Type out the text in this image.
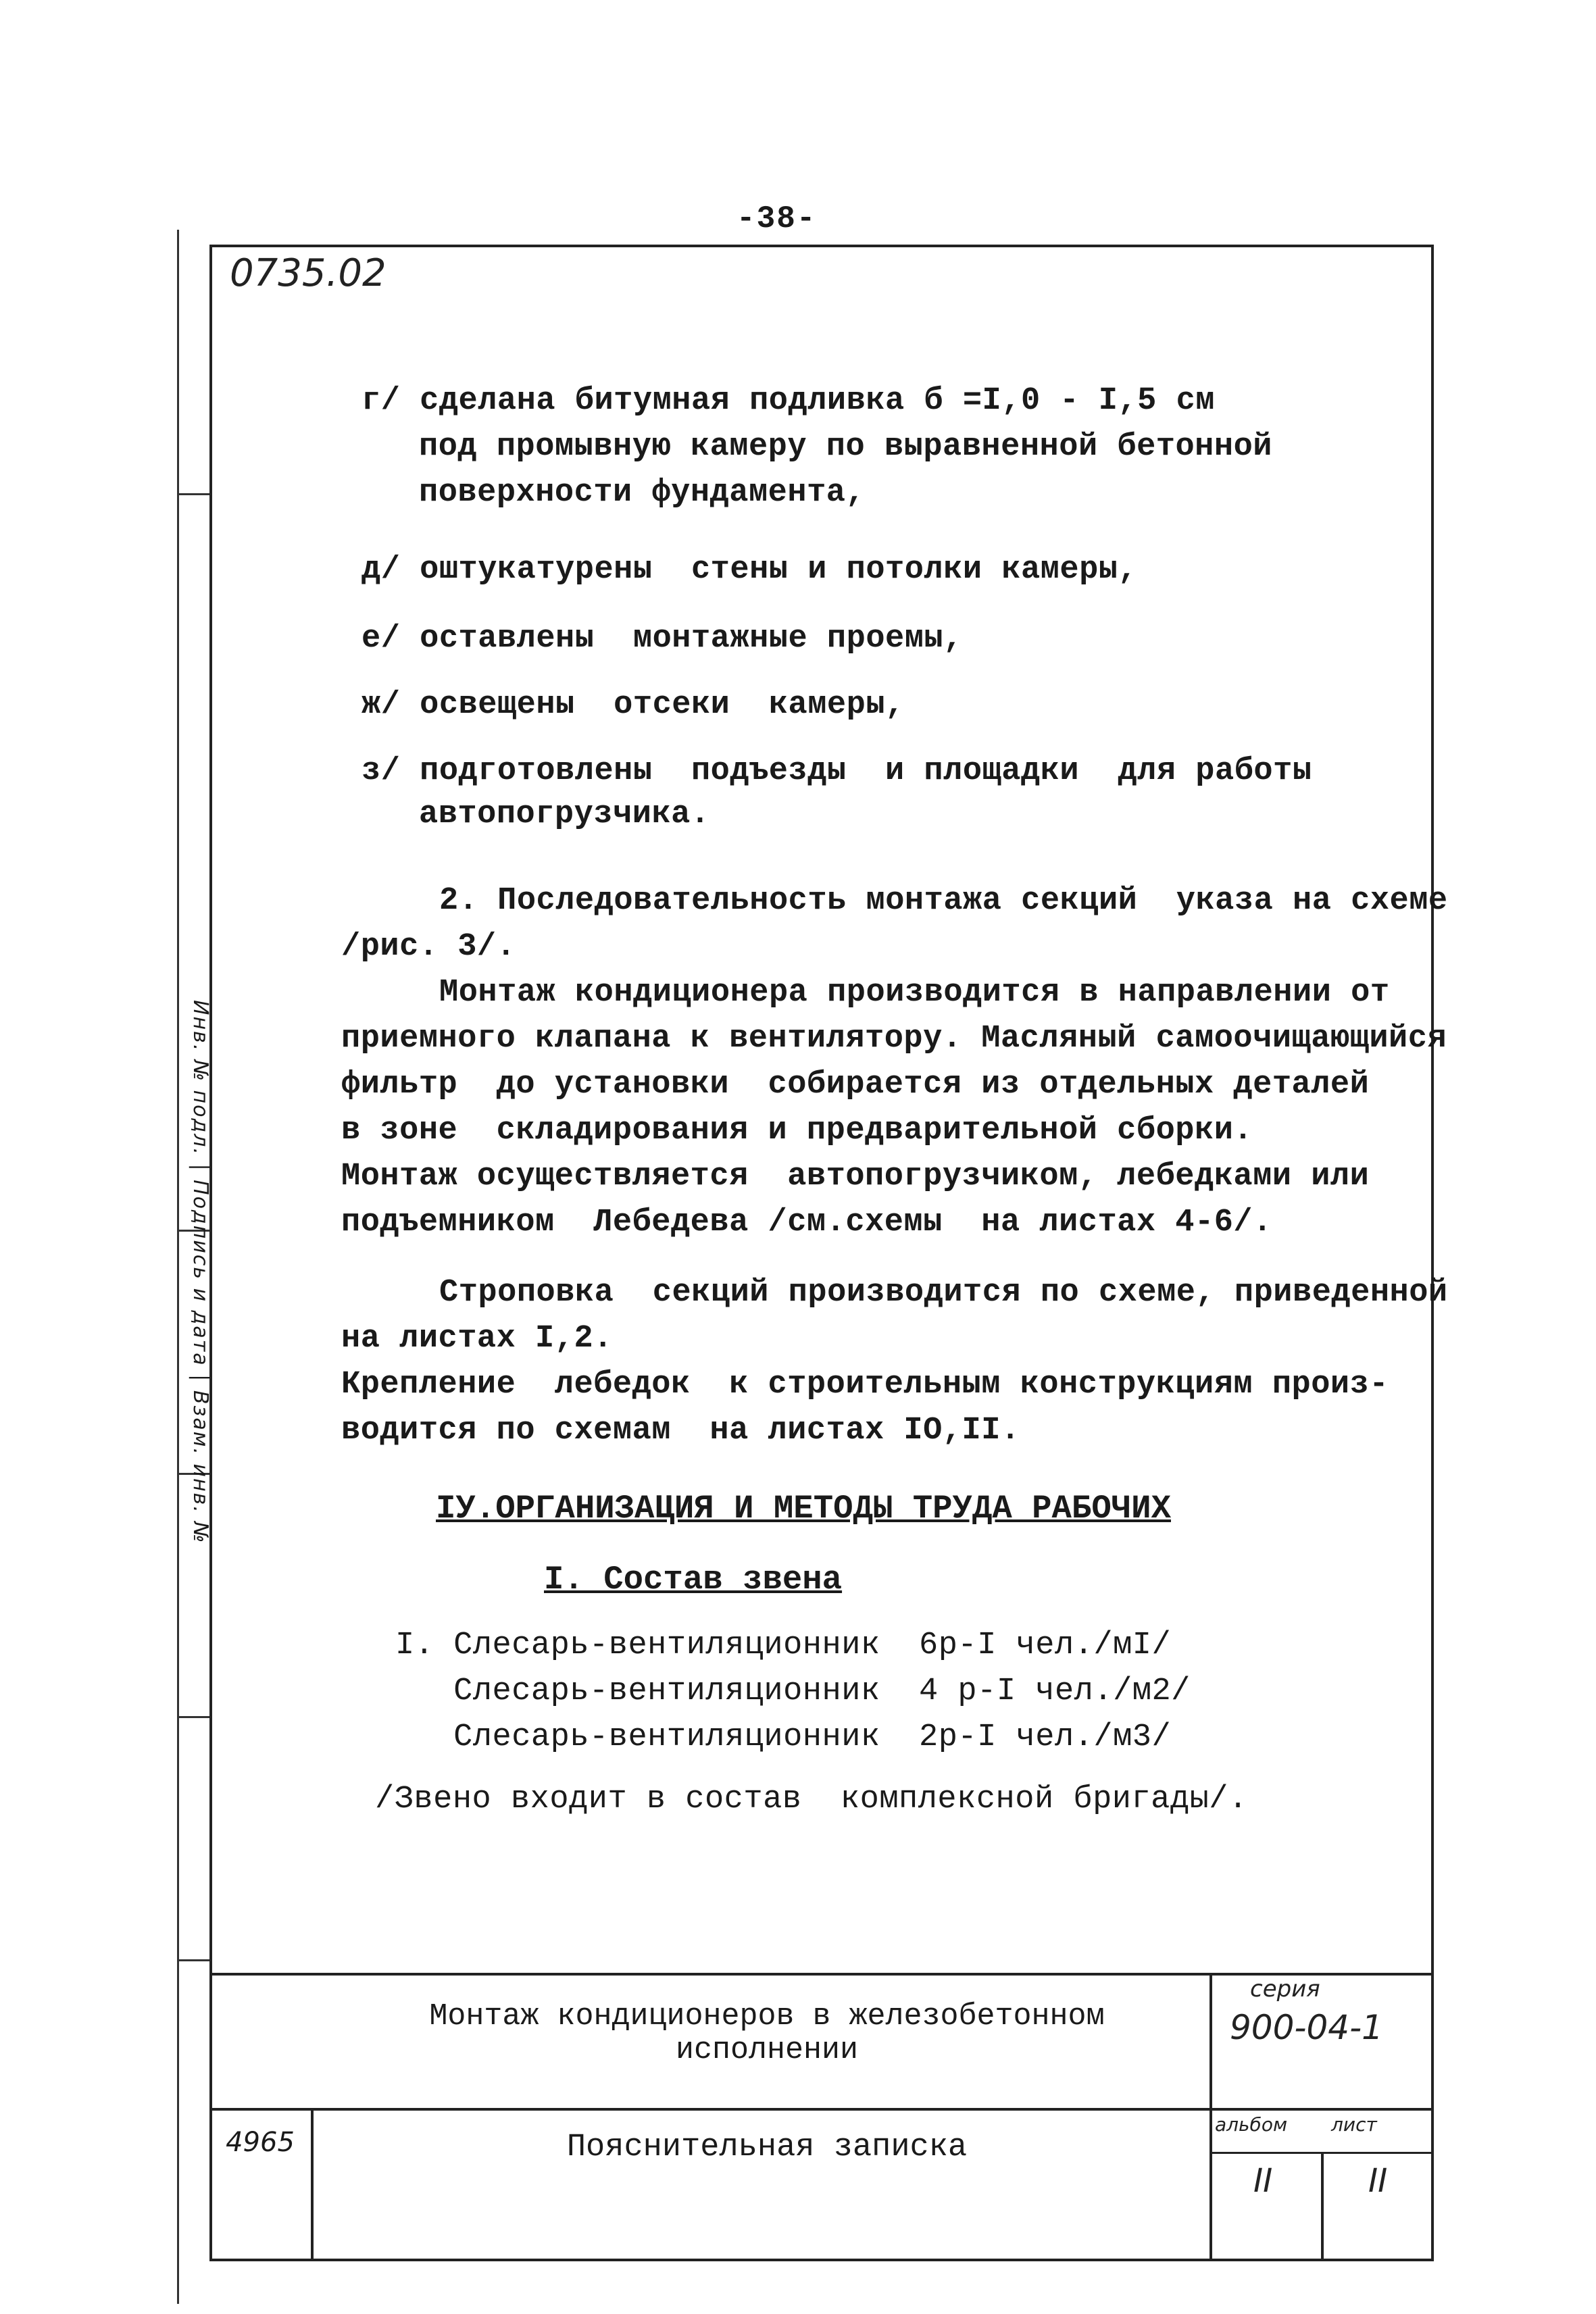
-38-
Инв. № подл. | Подпись и дата | Взам. инв. №
0735.02
г/ сделана битумная подливка б =I,0 - I,5 см
под промывную камеру по выравненной бетонной
поверхности фундамента,
д/ оштукатурены  стены и потолки камеры,
е/ оставлены  монтажные проемы,
ж/ освещены  отсеки  камеры,
з/ подготовлены  подъезды  и площадки  для работы
автопогрузчика.
2. Последовательность монтажа секций  указа на схеме
/рис. 3/.
Монтаж кондиционера производится в направлении от
приемного клапана к вентилятору. Масляный самоочищающийся
фильтр  до установки  собирается из отдельных деталей
в зоне  складирования и предварительной сборки.
Монтаж осуществляется  автопогрузчиком, лебедками или
подъемником  Лебедева /см.схемы  на листах 4-6/.
Строповка  секций производится по схеме, приведенной
на листах I,2.
Крепление  лебедок  к строительным конструкциям произ-
водится по схемам  на листах IO,II.
IУ.ОРГАНИЗАЦИЯ И МЕТОДЫ ТРУДА РАБОЧИХ
I. Состав звена
I. Слесарь-вентиляционник  6р-I чел./мI/
Слесарь-вентиляционник  4 р-I чел./м2/
Слесарь-вентиляционник  2р-I чел./м3/
/Звено входит в состав  комплексной бригады/.
Монтаж кондиционеров в железобетонном
исполнении
Пояснительная записка
4965
серия
900-04-1
альбом лист
II	II
